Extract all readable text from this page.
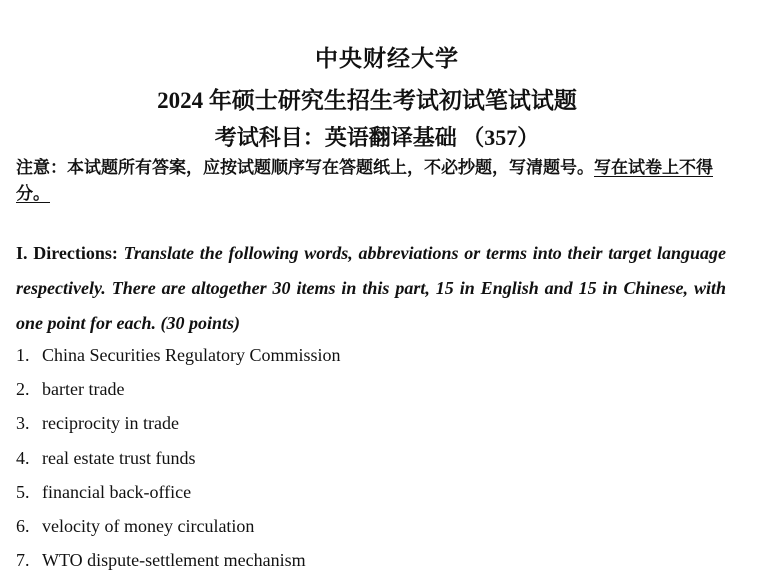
中央财经大学
2024 年硕士研究生招生考试初试笔试试题
考试科目：英语翻译基础 （357）
注意：本试题所有答案，应按试题顺序写在答题纸上，不必抄题，写清题号。写在试卷上不得分。
I. Directions: Translate the following words, abbreviations or terms into their target language respectively. There are altogether 30 items in this part, 15 in English and 15 in Chinese, with one point for each. (30 points)
1. China Securities Regulatory Commission
2. barter trade
3. reciprocity in trade
4. real estate trust funds
5. financial back-office
6. velocity of money circulation
7. WTO dispute-settlement mechanism
